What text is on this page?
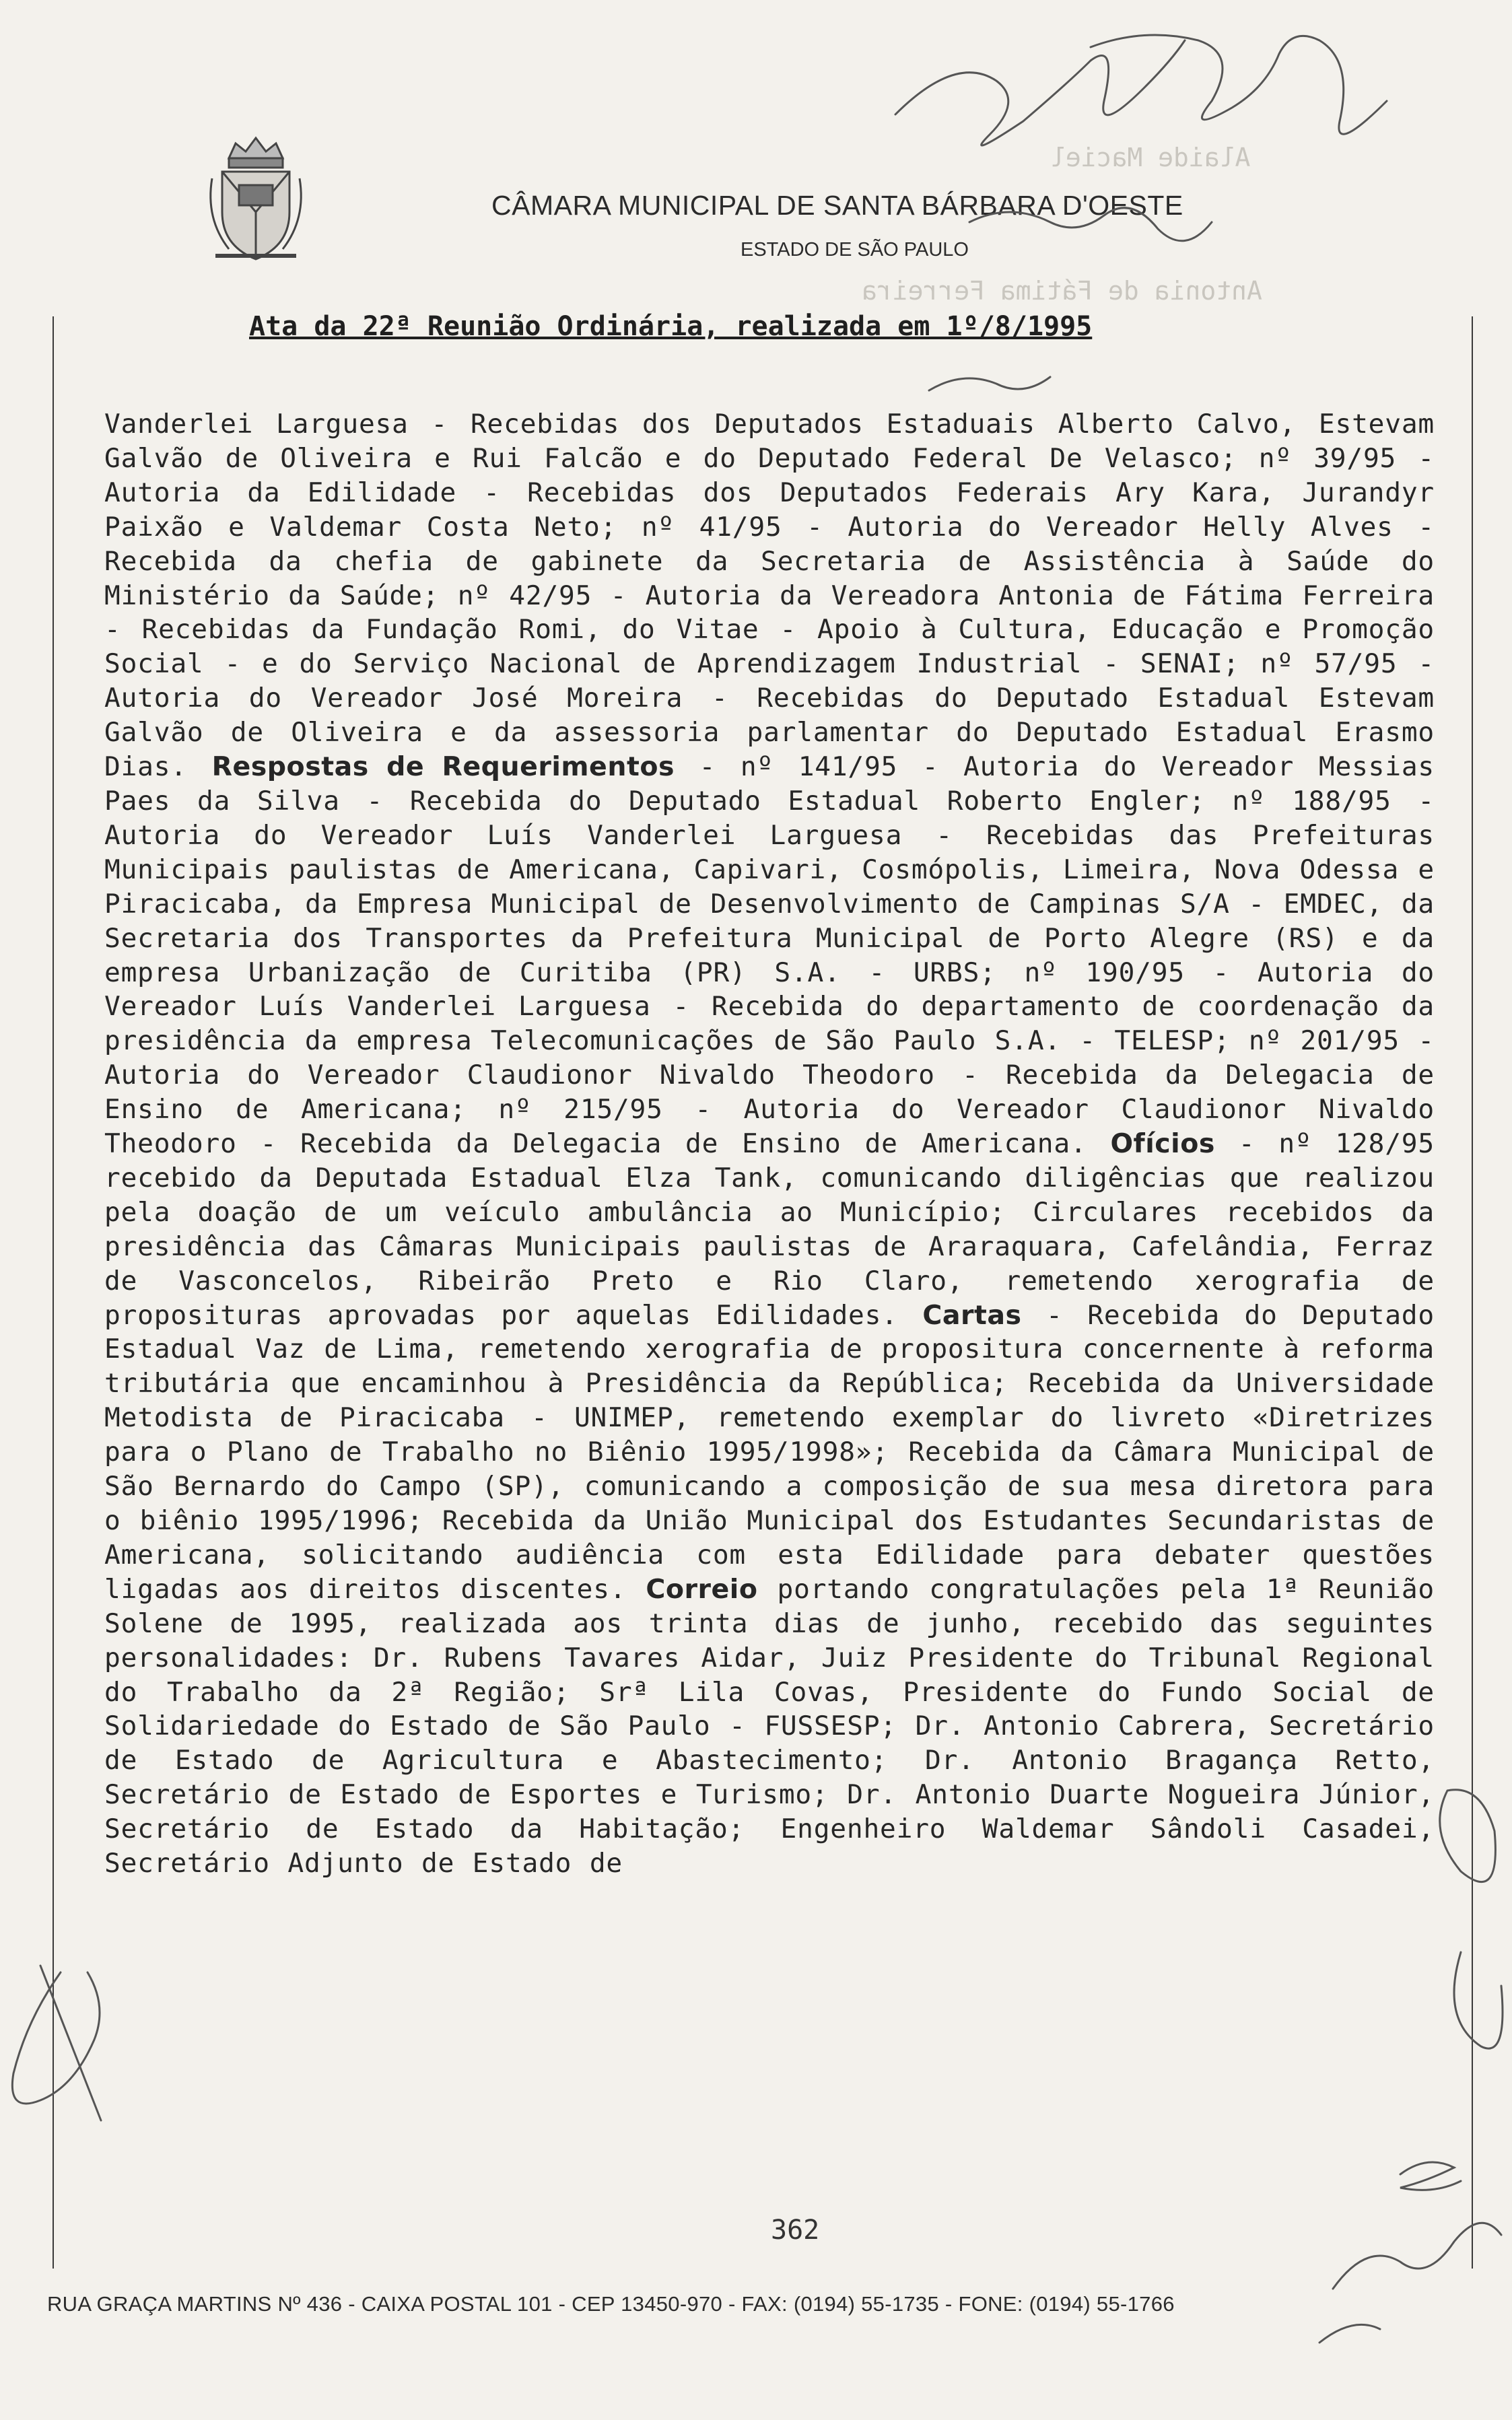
CÂMARA MUNICIPAL DE SANTA BÁRBARA D'OESTE
ESTADO DE SÃO PAULO
Alaide Maciel
Antonia de Fátima Ferreira
Ata da 22ª Reunião Ordinária, realizada em 1º/8/1995
Vanderlei Larguesa - Recebidas dos Deputados Estaduais Alberto Calvo, Estevam Galvão de Oliveira e Rui Falcão e do Deputado Federal De Velasco; nº 39/95 - Autoria da Edilidade - Recebidas dos Deputados Federais Ary Kara, Jurandyr Paixão e Valdemar Costa Neto; nº 41/95 - Autoria do Vereador Helly Alves - Recebida da chefia de gabinete da Secretaria de Assistência à Saúde do Ministério da Saúde; nº 42/95 - Autoria da Vereadora Antonia de Fátima Ferreira - Recebidas da Fundação Romi, do Vitae - Apoio à Cultura, Educação e Promoção Social - e do Serviço Nacional de Aprendizagem Industrial - SENAI; nº 57/95 - Autoria do Vereador José Moreira - Recebidas do Deputado Estadual Estevam Galvão de Oliveira e da assessoria parlamentar do Deputado Estadual Erasmo Dias. Respostas de Requerimentos - nº 141/95 - Autoria do Vereador Messias Paes da Silva - Recebida do Deputado Estadual Roberto Engler; nº 188/95 - Autoria do Vereador Luís Vanderlei Larguesa - Recebidas das Prefeituras Municipais paulistas de Americana, Capivari, Cosmópolis, Limeira, Nova Odessa e Piracicaba, da Empresa Municipal de Desenvolvimento de Campinas S/A - EMDEC, da Secretaria dos Transportes da Prefeitura Municipal de Porto Alegre (RS) e da empresa Urbanização de Curitiba (PR) S.A. - URBS; nº 190/95 - Autoria do Vereador Luís Vanderlei Larguesa - Recebida do departamento de coordenação da presidência da empresa Telecomunicações de São Paulo S.A. - TELESP; nº 201/95 - Autoria do Vereador Claudionor Nivaldo Theodoro - Recebida da Delegacia de Ensino de Americana; nº 215/95 - Autoria do Vereador Claudionor Nivaldo Theodoro - Recebida da Delegacia de Ensino de Americana. Ofícios - nº 128/95 recebido da Deputada Estadual Elza Tank, comunicando diligências que realizou pela doação de um veículo ambulância ao Município; Circulares recebidos da presidência das Câmaras Municipais paulistas de Araraquara, Cafelândia, Ferraz de Vasconcelos, Ribeirão Preto e Rio Claro, remetendo xerografia de proposituras aprovadas por aquelas Edilidades. Cartas - Recebida do Deputado Estadual Vaz de Lima, remetendo xerografia de propositura concernente à reforma tributária que encaminhou à Presidência da República; Recebida da Universidade Metodista de Piracicaba - UNIMEP, remetendo exemplar do livreto «Diretrizes para o Plano de Trabalho no Biênio 1995/1998»; Recebida da Câmara Municipal de São Bernardo do Campo (SP), comunicando a composição de sua mesa diretora para o biênio 1995/1996; Recebida da União Municipal dos Estudantes Secundaristas de Americana, solicitando audiência com esta Edilidade para debater questões ligadas aos direitos discentes. Correio portando congratulações pela 1ª Reunião Solene de 1995, realizada aos trinta dias de junho, recebido das seguintes personalidades: Dr. Rubens Tavares Aidar, Juiz Presidente do Tribunal Regional do Trabalho da 2ª Região; Srª Lila Covas, Presidente do Fundo Social de Solidariedade do Estado de São Paulo - FUSSESP; Dr. Antonio Cabrera, Secretário de Estado de Agricultura e Abastecimento; Dr. Antonio Bragança Retto, Secretário de Estado de Esportes e Turismo; Dr. Antonio Duarte Nogueira Júnior, Secretário de Estado da Habitação; Engenheiro Waldemar Sândoli Casadei, Secretário Adjunto de Estado de
362
RUA GRAÇA MARTINS Nº 436 - CAIXA POSTAL 101 - CEP 13450-970 - FAX: (0194) 55-1735 - FONE: (0194) 55-1766
